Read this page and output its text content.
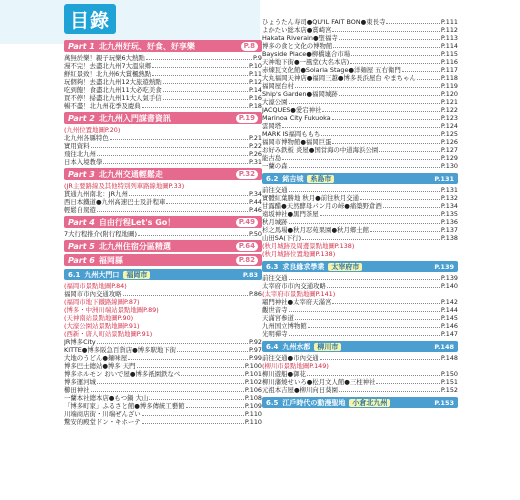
目錄
Part 1 北九州好玩、好食、好享樂	P.8
萬無於樂！親子玩樂6大熱點	P.9
漫不完！去盡北九州7大溫泉鄉	P.10
鮮紅景致！北九州6大賞楓熱點	P.11
玩個夠！去盡北九州12大旅遊熱點	P.12
吃到飽！食盡北九州11大必吃美食	P.14
買不停！掃盡北九州11大人氣手信	P.16
暢不盡！北九州花季及慶典	P.18
Part 2 北九州入門謀書資訊	P.19
(九州位置地圖P.20)
北九州各縣特色	P.21
實用資料	P.22
飛往北九州	P.26
日本入境教學	P.31
Part 3 北九州交通輕鬆走	P.32
(JR主要路線及其他特別列車路線地圖P.33)
貫通九州南北：JR九州	P.34
西日本鐵道●九州高速巴士及計程車	P.44
輕鬆自駕遊	P.46
Part 4 自由行程Let's Go！	P.49
7大行程推介(附行程地圖)	P.50
Part 5 北九州住宿分區精選	P.64
Part 6 福岡縣	P.82
6.1 九州大門口 福岡市	P.83
(福岡市景點地圖P.84)
福岡市市內交通攻略	P.86
(福岡市地下鐵路線圖P.87)
(博多・中洲川端站景點地圖P.89)
(天神南站景點地圖P.90)
(大濠公園站景點地圖P.91)
(西新・唐人町站景點地圖P.91)
JR博多City	P.92
KITTE●博多阪急百貨店●博多駅地下街	P.97
大地のうどん●麺味屋	P.99
博多巴士總站●博多 天門	P.100
博多ホルモン おいで屋●博多祇園鉄なべ	P.101
博多運河城	P.102
櫛田神社	P.106
一蘭本社總本店●もつ鍋 大山	P.108
「博多町家」ふるさと館●博多傳統工藝館	P.109
川端商店街・川端ぜんざい	P.110
驚安的殿堂ドン・キホーテ	P.110
ひょうたん寿司●QU'IL FAIT BON●東長寺	P.111
よかたい総本店●賞崎宮	P.112
Hakata Riverain●聖福寺	P.113
博多の食と文化の博物館	P.114
Bayside Place●柳橋連合市場	P.115
天神地下街●一風堂(大名本店)	P.116
赤煉瓦文化館●Solaria Stage●洋麺屋 五右衛門	P.117
大丸福岡天神店●福岡三越●博多長浜屋台 やまちゃん	P.118
福岡屋台村	P.119
Ship's Garden●福岡城跡	P.120
大濠公園	P.121
JACQUES●愛宕神社	P.122
Marinoa City Fukuoka	P.123
雲岡塔	P.124
MARK IS福岡ももち	P.125
福岡市博物館●福岡巨蛋	P.126
お好み鉄板 炎屋●国営海の中道海浜公園	P.127
能古島	P.129
一蘭の森	P.130
6.2 銘吉城 糸島市	P.131
前往交通	P.131
實體紅葉勝地 秋月●前往秋月交通	P.132
甘露醋●天然酵母パン月の峠●痛築野倉酒	P.134
遠坂神社●黒門茶屋	P.135
秋月城跡	P.136
杉之馬場●秋月忍苑果園●秋月郷土館	P.137
山田SA(下行)	P.138
(秋月城跡及周邊景點地圖P.138)
(秋月城跡位置地圖P.138)
6.3 求良緣求學業 太宰府市	P.139
前往交通	P.139
太宰府市市內交通攻略	P.140
(太宰府市景點地圖P.141)
竈門神社●太宰府天滿宮	P.142
觀世音寺	P.144
天滿宮参道	P.145
九州国立博物館	P.146
光明禪寺	P.147
6.4 九州水都 柳川市	P.148
前往交通●市內交通	P.148
(柳川市景點地圖P.149)
柳川遊船●御花	P.150
柳川藩燒せいろ●松月文人館●三柱神社	P.151
元祖本吉屋●柳川向日葵園	P.152
6.5 江戶時代の動漫聖地 小倉北九州	P.153
